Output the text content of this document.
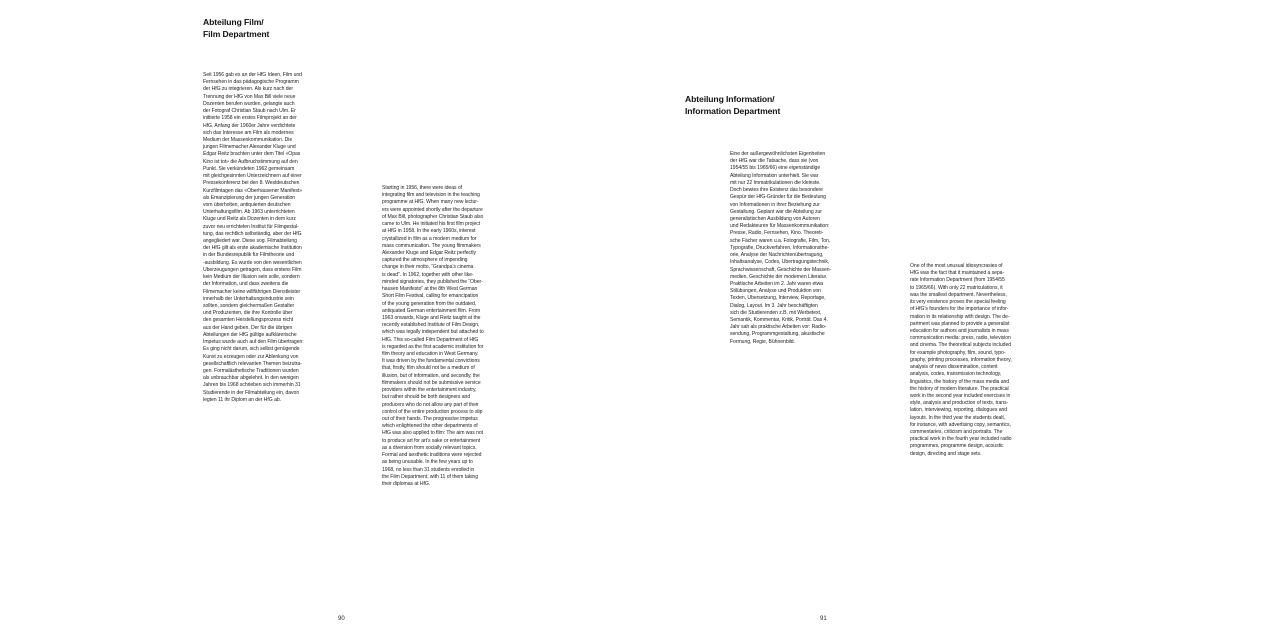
Abteilung Film/
Film Department
Seit 1956 gab es an der HfG Ideen, Film und
Fernsehen in das pädagogische Programm
der HfG zu integrieren. Als kurz nach der
Trennung der HfG von Max Bill viele neue
Dozenten berufen wurden, gelangte auch
der Fotograf Christian Staub nach Ulm. Er
initiierte 1958 ein erstes Filmprojekt an der
HfG. Anfang der 1960er Jahre verdichtete
sich das Interesse am Film als modernes
Medium der Massenkommunikation. Die
jungen Filmemacher Alexander Kluge und
Edgar Reitz brachten unter dem Titel «Opas
Kino ist tot» die Aufbruchstimmung auf den
Punkt. Sie verkündeten 1962 gemeinsam
mit gleichgesinnten Unterzeichnern auf einer
Pressekonferenz bei den 8. Westdeutschen
Kurzfilmtagen das «Oberhausener Manifest»
als Emanzipierung der jungen Generation
vom überholten, antiquierten deutschen
Unterhaltungsfilm. Ab 1963 unterrichteten
Kluge und Reitz als Dozenten in dem kurz
zuvor neu errichteten Institut für Filmgestal-
tung, das rechtlich selbständig, aber der HfG
angegliedert war. Diese sog. Filmabteilung
der HfG gilt als erste akademische Institution
in der Bundesrepublik für Filmtheorie und
-ausbildung. Es wurde von den wesentlichen
Überzeugungen getragen, dass erstens Film
kein Medium der Illusion sein solle, sondern
der Information, und dass zweitens die
Filmemacher keine willfährigen Dienstleister
innerhalb der Unterhaltungsindustrie sein
sollten, sondern gleichermaßen Gestalter
und Produzenten, die ihre Kontrolle über
den gesamten Herstellungsprozess nicht
aus der Hand geben. Der für die übrigen
Abteilungen der HfG gültige aufklärerische
Impetus wurde auch auf den Film übertragen:
Es ging nicht darum, sich selbst genügende
Kunst zu erzeugen oder zur Ablenkung von
gesellschaftlich relevanten Themen beizutra-
gen. Formalästhetische Traditionen wurden
als unbrauchbar abgelehnt. In den wenigen
Jahren bis 1968 schrieben sich immerhin 31
Studierende in der Filmabteilung ein, davon
legten 11 ihr Diplom an der HfG ab.
Starting in 1956, there were ideas of
integrating film and television in the teaching
programme at HfG. When many new lectur-
ers were appointed shortly after the departure
of Max Bill, photographer Christian Staub also
came to Ulm. He initiated his first film project
at HfG in 1958. In the early 1960s, interest
crystallized in film as a modern medium for
mass communication. The young filmmakers
Alexander Kluge and Edgar Reitz perfectly
captured the atmosphere of impending
change in their motto, “Grandpa’s cinema
is dead”. In 1962, together with other like-
minded signatories, they published the “Ober-
hausen Manifesto” at the 8th West German
Short Film Festival, calling for emancipation
of the young generation from the outdated,
antiquated German entertainment film. From
1963 onwards, Kluge and Reitz taught at the
recently established Institute of Film Design,
which was legally independent but attached to
HfG. This so-called Film Department of HfG
is regarded as the first academic institution for
film theory and education in West Germany.
It was driven by the fundamental convictions
that, firstly, film should not be a medium of
illusion, but of information, and secondly, the
filmmakers should not be submissive service
providers within the entertainment industry,
but rather should be both designers and
producers who do not allow any part of their
control of the entire production process to slip
out of their hands. The progressive impetus
which enlightened the other departments of
HfG was also applied to film: The aim was not
to produce art for art’s sake or entertainment
as a diversion from socially relevant topics.
Formal and aesthetic traditions were rejected
as being unusable. In the few years up to
1968, no less than 31 students enrolled in
the Film Department, with 11 of them taking
their diplomas at HfG.
90
Abteilung Information/
Information Department
Eine der außergewöhnlichsten Eigenheiten
der HfG war die Tatsache, dass sie (von
1954/55 bis 1965/66) eine eigenständige
Abteilung Information unterhielt. Sie war
mit nur 22 Immatrikulationen die kleinste.
Doch bewies ihre Existenz das besondere
Gespür der HfG-Gründer für die Bedeutung
von Informationen in ihrer Beziehung zur
Gestaltung. Geplant war die Abteilung zur
generalistischen Ausbildung von Autoren
und Redakteuren für Massenkommunikation:
Presse, Radio, Fernsehen, Kino. Theoreti-
sche Fächer waren u.a. Fotografie, Film, Ton,
Typografie, Druckverfahren, Informationsthe-
orie, Analyse der Nachrichtenübertragung,
Inhaltsanalyse, Codes, Übertragungstechnik,
Sprachwissenschaft, Geschichte der Massen-
medien, Geschichte der modernen Literatur.
Praktische Arbeiten im 2. Jahr waren etwa
Stilübungen, Analyse und Produktion von
Texten, Übersetzung, Interview, Reportage,
Dialog, Layout. Im 3. Jahr beschäftigten
sich die Studierenden z.B. mit Werbetext,
Semantik, Kommentar, Kritik, Porträt. Das 4.
Jahr sah als praktische Arbeiten vor: Radio-
sendung, Programmgestaltung, akustische
Formung, Regie, Bühnenbild.
One of the most unusual idiosyncrasies of
HfG was the fact that it maintained a sepa-
rate Information Department (from 1954/55
to 1965/66). With only 22 matriculations, it
was the smallest department. Nevertheless,
its very existence proves the special feeling
of HfG’s founders for the importance of infor-
mation in its relationship with design. The de-
partment was planned to provide a generalist
education for authors and journalists in mass
communication media: press, radio, television
and cinema. The theoretical subjects included
for example photography, film, sound, typo-
graphy, printing processes, information theory,
analysis of news dissemination, content
analysis, codes, transmission technology,
linguistics, the history of the mass media and
the history of modern literature. The practical
work in the second year included exercises in
style, analysis and production of texts, trans-
lation, interviewing, reporting, dialogues and
layouts. In the third year the students dealt,
for instance, with advertising copy, semantics,
commentaries, criticism and portraits. The
practical work in the fourth year included radio
programmes, programme design, acoustic
design, directing and stage sets.
91
